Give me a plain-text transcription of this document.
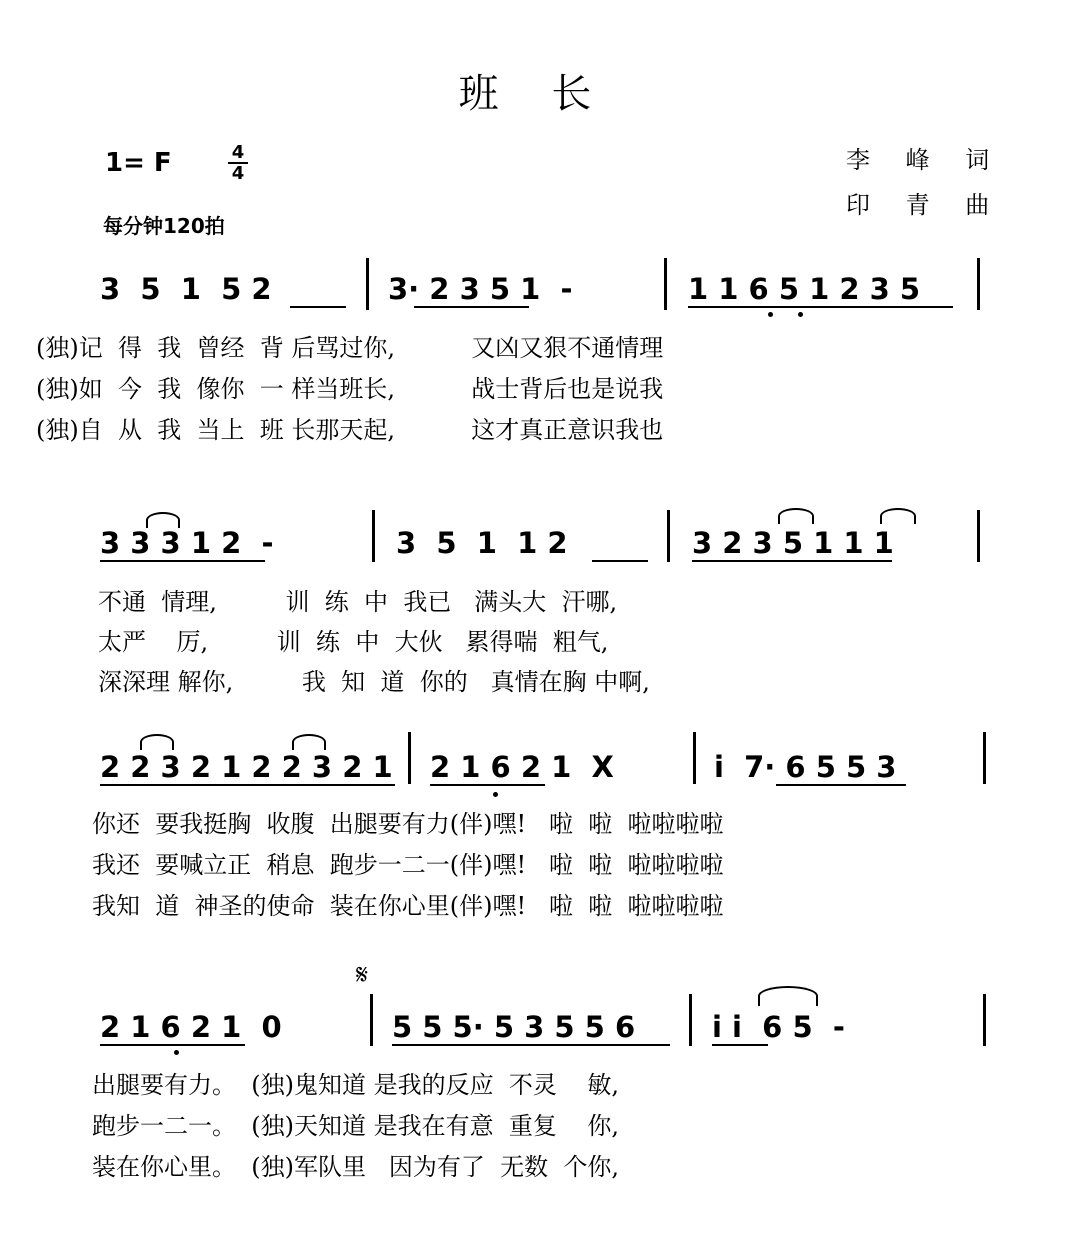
班 长
1= F	4
4
每分钟120拍
李 峰 词
印 青 曲
3  5  1  5 2	3· 2 3 5 1  -	1 1 6 5 1 2 3 5
(独)记  得  我  曾经  背 后骂过你,          又凶又狠不通情理
(独)如  今  我  像你  一 样当班长,          战士背后也是说我
(独)自  从  我  当上  班 长那天起,          这才真正意识我也
3 3 3 1 2  -	3  5  1  1 2	3 2 3 5 1 1 1
不通  情理,         训  练  中  我已   满头大  汗哪,
太严    厉,         训  练  中  大伙   累得喘  粗气,
深深理 解你,         我  知  道  你的   真情在胸 中啊,
2 2 3 2 1 2 2 3 2 1 2 1 6 2 1  X	i  7· 6 5 5 3
你还  要我挺胸  收腹  出腿要有力(伴)嘿!   啦  啦  啦啦啦啦
我还  要喊立正  稍息  跑步一二一(伴)嘿!   啦  啦  啦啦啦啦
我知  道  神圣的使命  装在你心里(伴)嘿!   啦  啦  啦啦啦啦
𝄋
2 1 6 2 1  0	5 5 5· 5 3 5 5 6	i i  6 5  -
出腿要有力。  (独)鬼知道 是我的反应  不灵    敏,
跑步一二一。  (独)天知道 是我在有意  重复    你,
装在你心里。  (独)军队里   因为有了  无数  个你,
